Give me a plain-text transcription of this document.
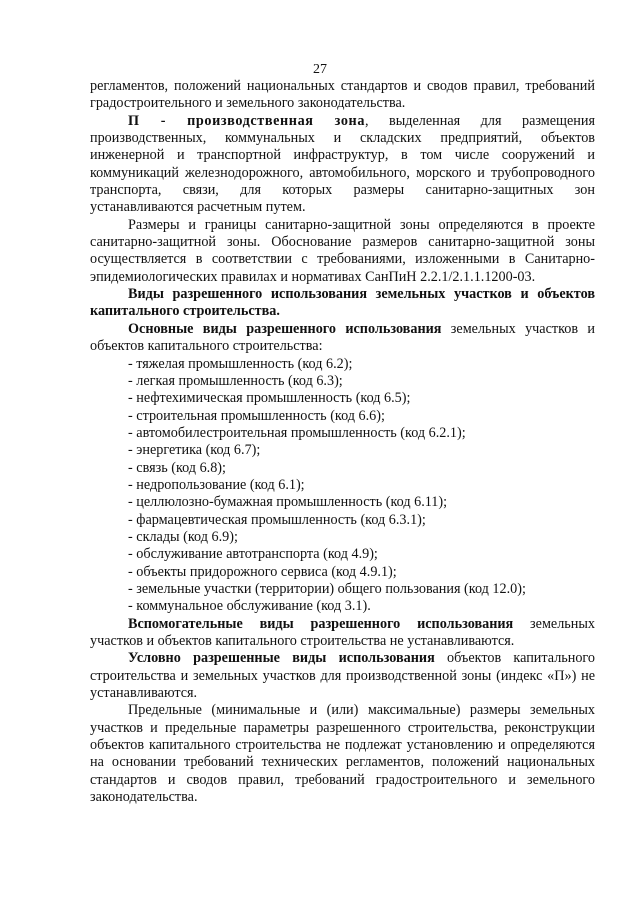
27

регламентов, положений национальных стандартов и сводов правил, требований градостроительного и земельного законодательства.

П - производственная зона, выделенная для размещения производственных, коммунальных и складских предприятий, объектов инженерной и транспортной инфраструктур, в том числе сооружений и коммуникаций железнодорожного, автомобильного, морского и трубопроводного транспорта, связи, для которых размеры санитарно-защитных зон устанавливаются расчетным путем.

Размеры и границы санитарно-защитной зоны определяются в проекте санитарно-защитной зоны. Обоснование размеров санитарно-защитной зоны осуществляется в соответствии с требованиями, изложенными в Санитарно-эпидемиологических правилах и нормативах СанПиН 2.2.1/2.1.1.1200-03.

Виды разрешенного использования земельных участков и объектов капитального строительства.

Основные виды разрешенного использования земельных участков и объектов капитального строительства:

- тяжелая промышленность (код 6.2);
- легкая промышленность (код 6.3);
- нефтехимическая промышленность (код 6.5);
- строительная промышленность (код 6.6);
- автомобилестроительная промышленность (код 6.2.1);
- энергетика (код 6.7);
- связь (код 6.8);
- недропользование (код 6.1);
- целлюлозно-бумажная промышленность (код 6.11);
- фармацевтическая промышленность (код 6.3.1);
- склады (код 6.9);
- обслуживание автотранспорта (код 4.9);
- объекты придорожного сервиса (код 4.9.1);
- земельные участки (территории) общего пользования (код 12.0);
- коммунальное обслуживание (код 3.1).

Вспомогательные виды разрешенного использования земельных участков и объектов капитального строительства не устанавливаются.

Условно разрешенные виды использования объектов капитального строительства и земельных участков для производственной зоны (индекс «П») не устанавливаются.

Предельные (минимальные и (или) максимальные) размеры земельных участков и предельные параметры разрешенного строительства, реконструкции объектов капитального строительства не подлежат установлению и определяются на основании требований технических регламентов, положений национальных стандартов и сводов правил, требований градостроительного и земельного законодательства.
